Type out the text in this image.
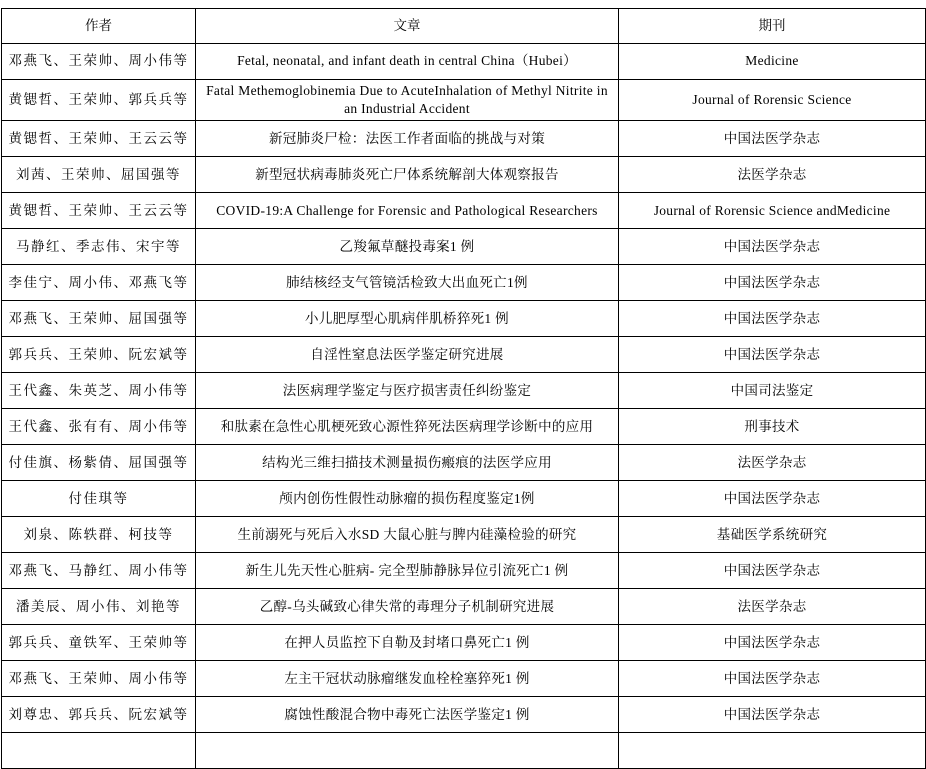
作者	文章	期刊
邓燕飞、王荣帅、周小伟等	Fetal, neonatal, and infant death in central China（Hubei）	Medicine
黄锶哲、王荣帅、郭兵兵等	Fatal Methemoglobinemia Due to AcuteInhalation of Methyl Nitrite in an Industrial Accident	Journal of Rorensic Science
黄锶哲、王荣帅、王云云等	新冠肺炎尸检：法医工作者面临的挑战与对策	中国法医学杂志
刘茜、王荣帅、屈国强等	新型冠状病毒肺炎死亡尸体系统解剖大体观察报告	法医学杂志
黄锶哲、王荣帅、王云云等	COVID-19:A Challenge for Forensic and Pathological Researchers	Journal of Rorensic Science andMedicine
马静红、季志伟、宋宇等	乙羧氟草醚投毒案1 例	中国法医学杂志
李佳宁、周小伟、邓燕飞等	肺结核经支气管镜活检致大出血死亡1例	中国法医学杂志
邓燕飞、王荣帅、屈国强等	小儿肥厚型心肌病伴肌桥猝死1 例	中国法医学杂志
郭兵兵、王荣帅、阮宏斌等	自淫性窒息法医学鉴定研究进展	中国法医学杂志
王代鑫、朱英芝、周小伟等	法医病理学鉴定与医疗损害责任纠纷鉴定	中国司法鉴定
王代鑫、张有有、周小伟等	和肽素在急性心肌梗死致心源性猝死法医病理学诊断中的应用	刑事技术
付佳旗、杨紫倩、屈国强等	结构光三维扫描技术测量损伤瘢痕的法医学应用	法医学杂志
付佳琪等	颅内创伤性假性动脉瘤的损伤程度鉴定1例	中国法医学杂志
刘泉、陈轶群、柯技等	生前溺死与死后入水SD 大鼠心脏与脾内硅藻检验的研究	基础医学系统研究
邓燕飞、马静红、周小伟等	新生儿先天性心脏病- 完全型肺静脉异位引流死亡1 例	中国法医学杂志
潘美辰、周小伟、刘艳等	乙醇-乌头碱致心律失常的毒理分子机制研究进展	法医学杂志
郭兵兵、童铁军、王荣帅等	在押人员监控下自勒及封堵口鼻死亡1 例	中国法医学杂志
邓燕飞、王荣帅、周小伟等	左主干冠状动脉瘤继发血栓栓塞猝死1 例	中国法医学杂志
刘尊忠、郭兵兵、阮宏斌等	腐蚀性酸混合物中毒死亡法医学鉴定1 例	中国法医学杂志
